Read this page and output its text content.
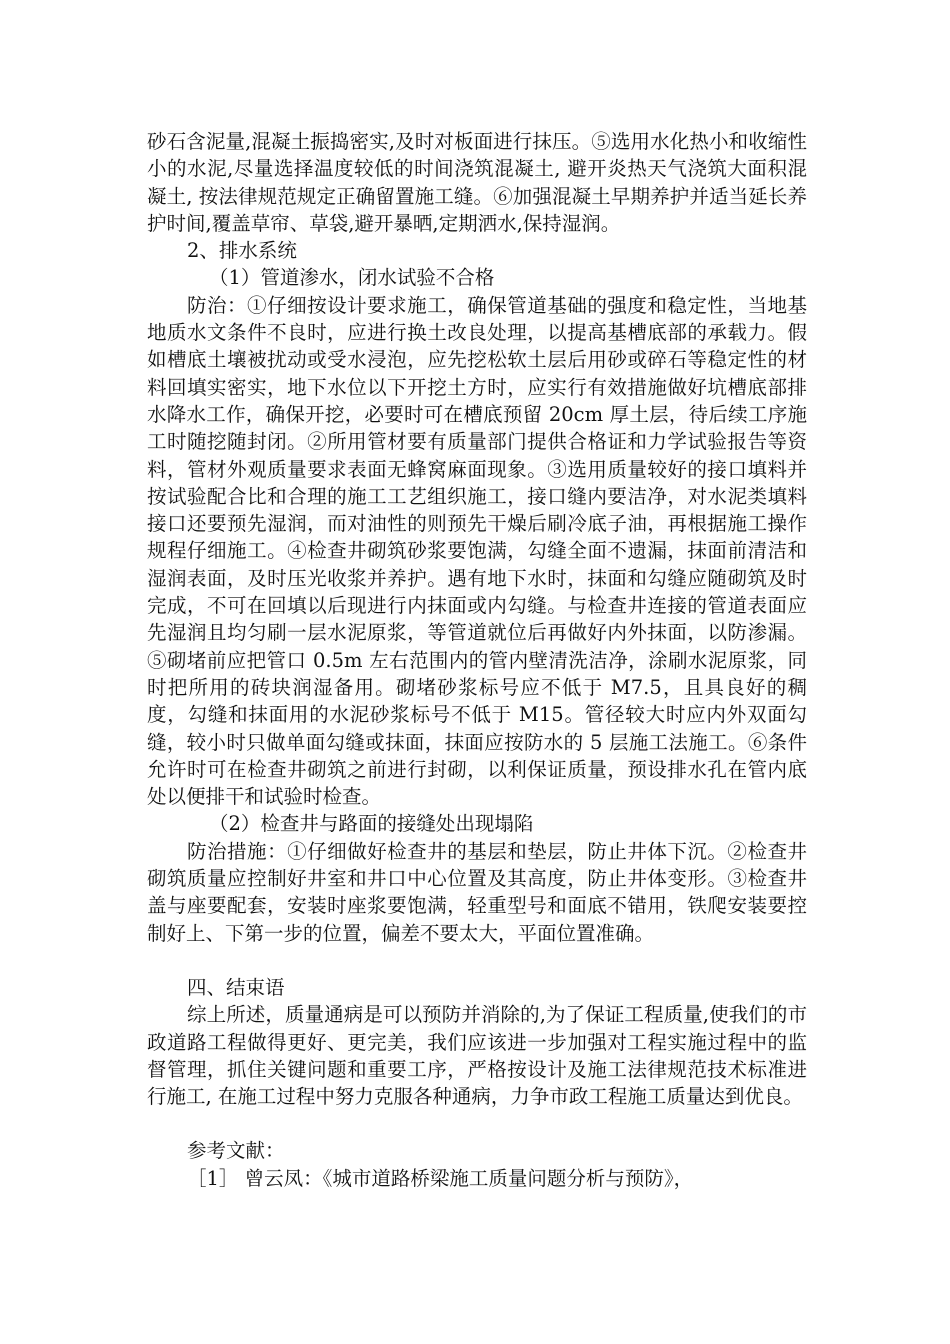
砂石含泥量,混凝土振捣密实,及时对板面进行抹压。⑤选用水化热小和收缩性小的水泥,尽量选择温度较低的时间浇筑混凝土, 避开炎热天气浇筑大面积混凝土, 按法律规范规定正确留置施工缝。⑥加强混凝土早期养护并适当延长养护时间,覆盖草帘、草袋,避开暴晒,定期洒水,保持湿润。

2、排水系统

（1）管道渗水，闭水试验不合格

防治：①仔细按设计要求施工，确保管道基础的强度和稳定性，当地基地质水文条件不良时，应进行换土改良处理，以提高基槽底部的承载力。假如槽底土壤被扰动或受水浸泡，应先挖松软土层后用砂或碎石等稳定性的材料回填实密实，地下水位以下开挖土方时，应实行有效措施做好坑槽底部排水降水工作，确保开挖，必要时可在槽底预留 20cm 厚土层，待后续工序施工时随挖随封闭。②所用管材要有质量部门提供合格证和力学试验报告等资料，管材外观质量要求表面无蜂窝麻面现象。③选用质量较好的接口填料并按试验配合比和合理的施工工艺组织施工，接口缝内要洁净，对水泥类填料接口还要预先湿润，而对油性的则预先干燥后刷冷底子油，再根据施工操作规程仔细施工。④检查井砌筑砂浆要饱满，勾缝全面不遗漏，抹面前清洁和湿润表面，及时压光收浆并养护。遇有地下水时，抹面和勾缝应随砌筑及时完成，不可在回填以后现进行内抹面或内勾缝。与检查井连接的管道表面应先湿润且均匀刷一层水泥原浆，等管道就位后再做好内外抹面，以防渗漏。⑤砌堵前应把管口 0.5m 左右范围内的管内壁清洗洁净，涂刷水泥原浆，同时把所用的砖块润湿备用。砌堵砂浆标号应不低于 M7.5，且具良好的稠度，勾缝和抹面用的水泥砂浆标号不低于 M15。管径较大时应内外双面勾缝，较小时只做单面勾缝或抹面，抹面应按防水的 5 层施工法施工。⑥条件允许时可在检查井砌筑之前进行封砌，以利保证质量，预设排水孔在管内底处以便排干和试验时检查。

（2）检查井与路面的接缝处出现塌陷

防治措施：①仔细做好检查井的基层和垫层，防止井体下沉。②检查井砌筑质量应控制好井室和井口中心位置及其高度，防止井体变形。③检查井盖与座要配套，安装时座浆要饱满，轻重型号和面底不错用，铁爬安装要控制好上、下第一步的位置，偏差不要太大，平面位置准确。

四、结束语

综上所述，质量通病是可以预防并消除的,为了保证工程质量,使我们的市政道路工程做得更好、更完美，我们应该进一步加强对工程实施过程中的监督管理，抓住关键问题和重要工序，严格按设计及施工法律规范技术标准进行施工, 在施工过程中努力克服各种通病，力争市政工程施工质量达到优良。

参考文献：

［1］ 曾云凤：《城市道路桥梁施工质量问题分析与预防》，
